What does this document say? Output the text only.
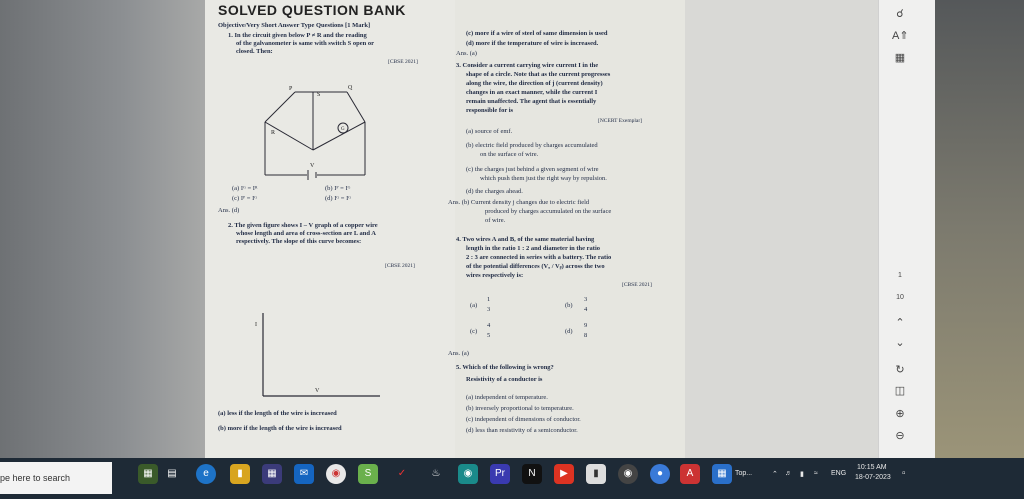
SOLVED QUESTION BANK
Objective/Very Short Answer Type Questions [1 Mark]
1. In the circuit given below P ≠ R and the reading
of the galvanometer is same with switch S open or
closed. Then:
[CBSE 2021]
P	Q
R
S
G
V
(a) Iᴳ = Iᴿ	(b) Iᴾ = Iᴳ
(c) Iᴾ = Iᴳ	(d) Iᴳ = Iᴳ
Ans. (d)
2. The given figure shows I – V graph of a copper wire
whose length and area of cross-section are L and A
respectively. The slope of this curve becomes:
[CBSE 2021]
I
V
(a) less if the length of the wire is increased
(b) more if the length of the wire is increased
(c) more if a wire of steel of same dimension is used
(d) more if the temperature of wire is increased.
Ans. (a)
3. Consider a current carrying wire current I in the
shape of a circle. Note that as the current progresses
along the wire, the direction of j (current density)
changes in an exact manner, while the current I
remain unaffected. The agent that is essentially
responsible for is
[NCERT Exemplar]
(a) source of emf.
(b) electric field produced by charges accumulated
on the surface of wire.
(c) the charges just behind a given segment of wire
which push them just the right way by repulsion.
(d) the charges ahead.
Ans. (b) Current density j changes due to electric field
produced by charges accumulated on the surface
of wire.
4. Two wires A and B, of the same material having
length in the ratio 1 : 2 and diameter in the ratio
2 : 3 are connected in series with a battery. The ratio
of the potential differences (Vₐ / Vᵦ) across the two
wires respectively is:
[CBSE 2021]
(a)
1
3
(b)
3
4
(c)
4
5
(d)
9
8
Ans. (a)
5. Which of the following is wrong?
Resistivity of a conductor is
(a) independent of temperature.
(b) inversely proportional to temperature.
(c) independent of dimensions of conductor.
(d) less than resistivity of a semiconductor.
☌
A⇑
▦
1
10
⌃
⌄
↻
◫
⊕
⊖
pe here to search	▦	▤	e	▮	▦	✉	◉	S	✓	♨	◉	Pr	N	▶	▮	◉	●	A	▦	Top...	⌃ ♬ ▮ ≈ ENG
10:15 AM
18-07-2023 ▫
